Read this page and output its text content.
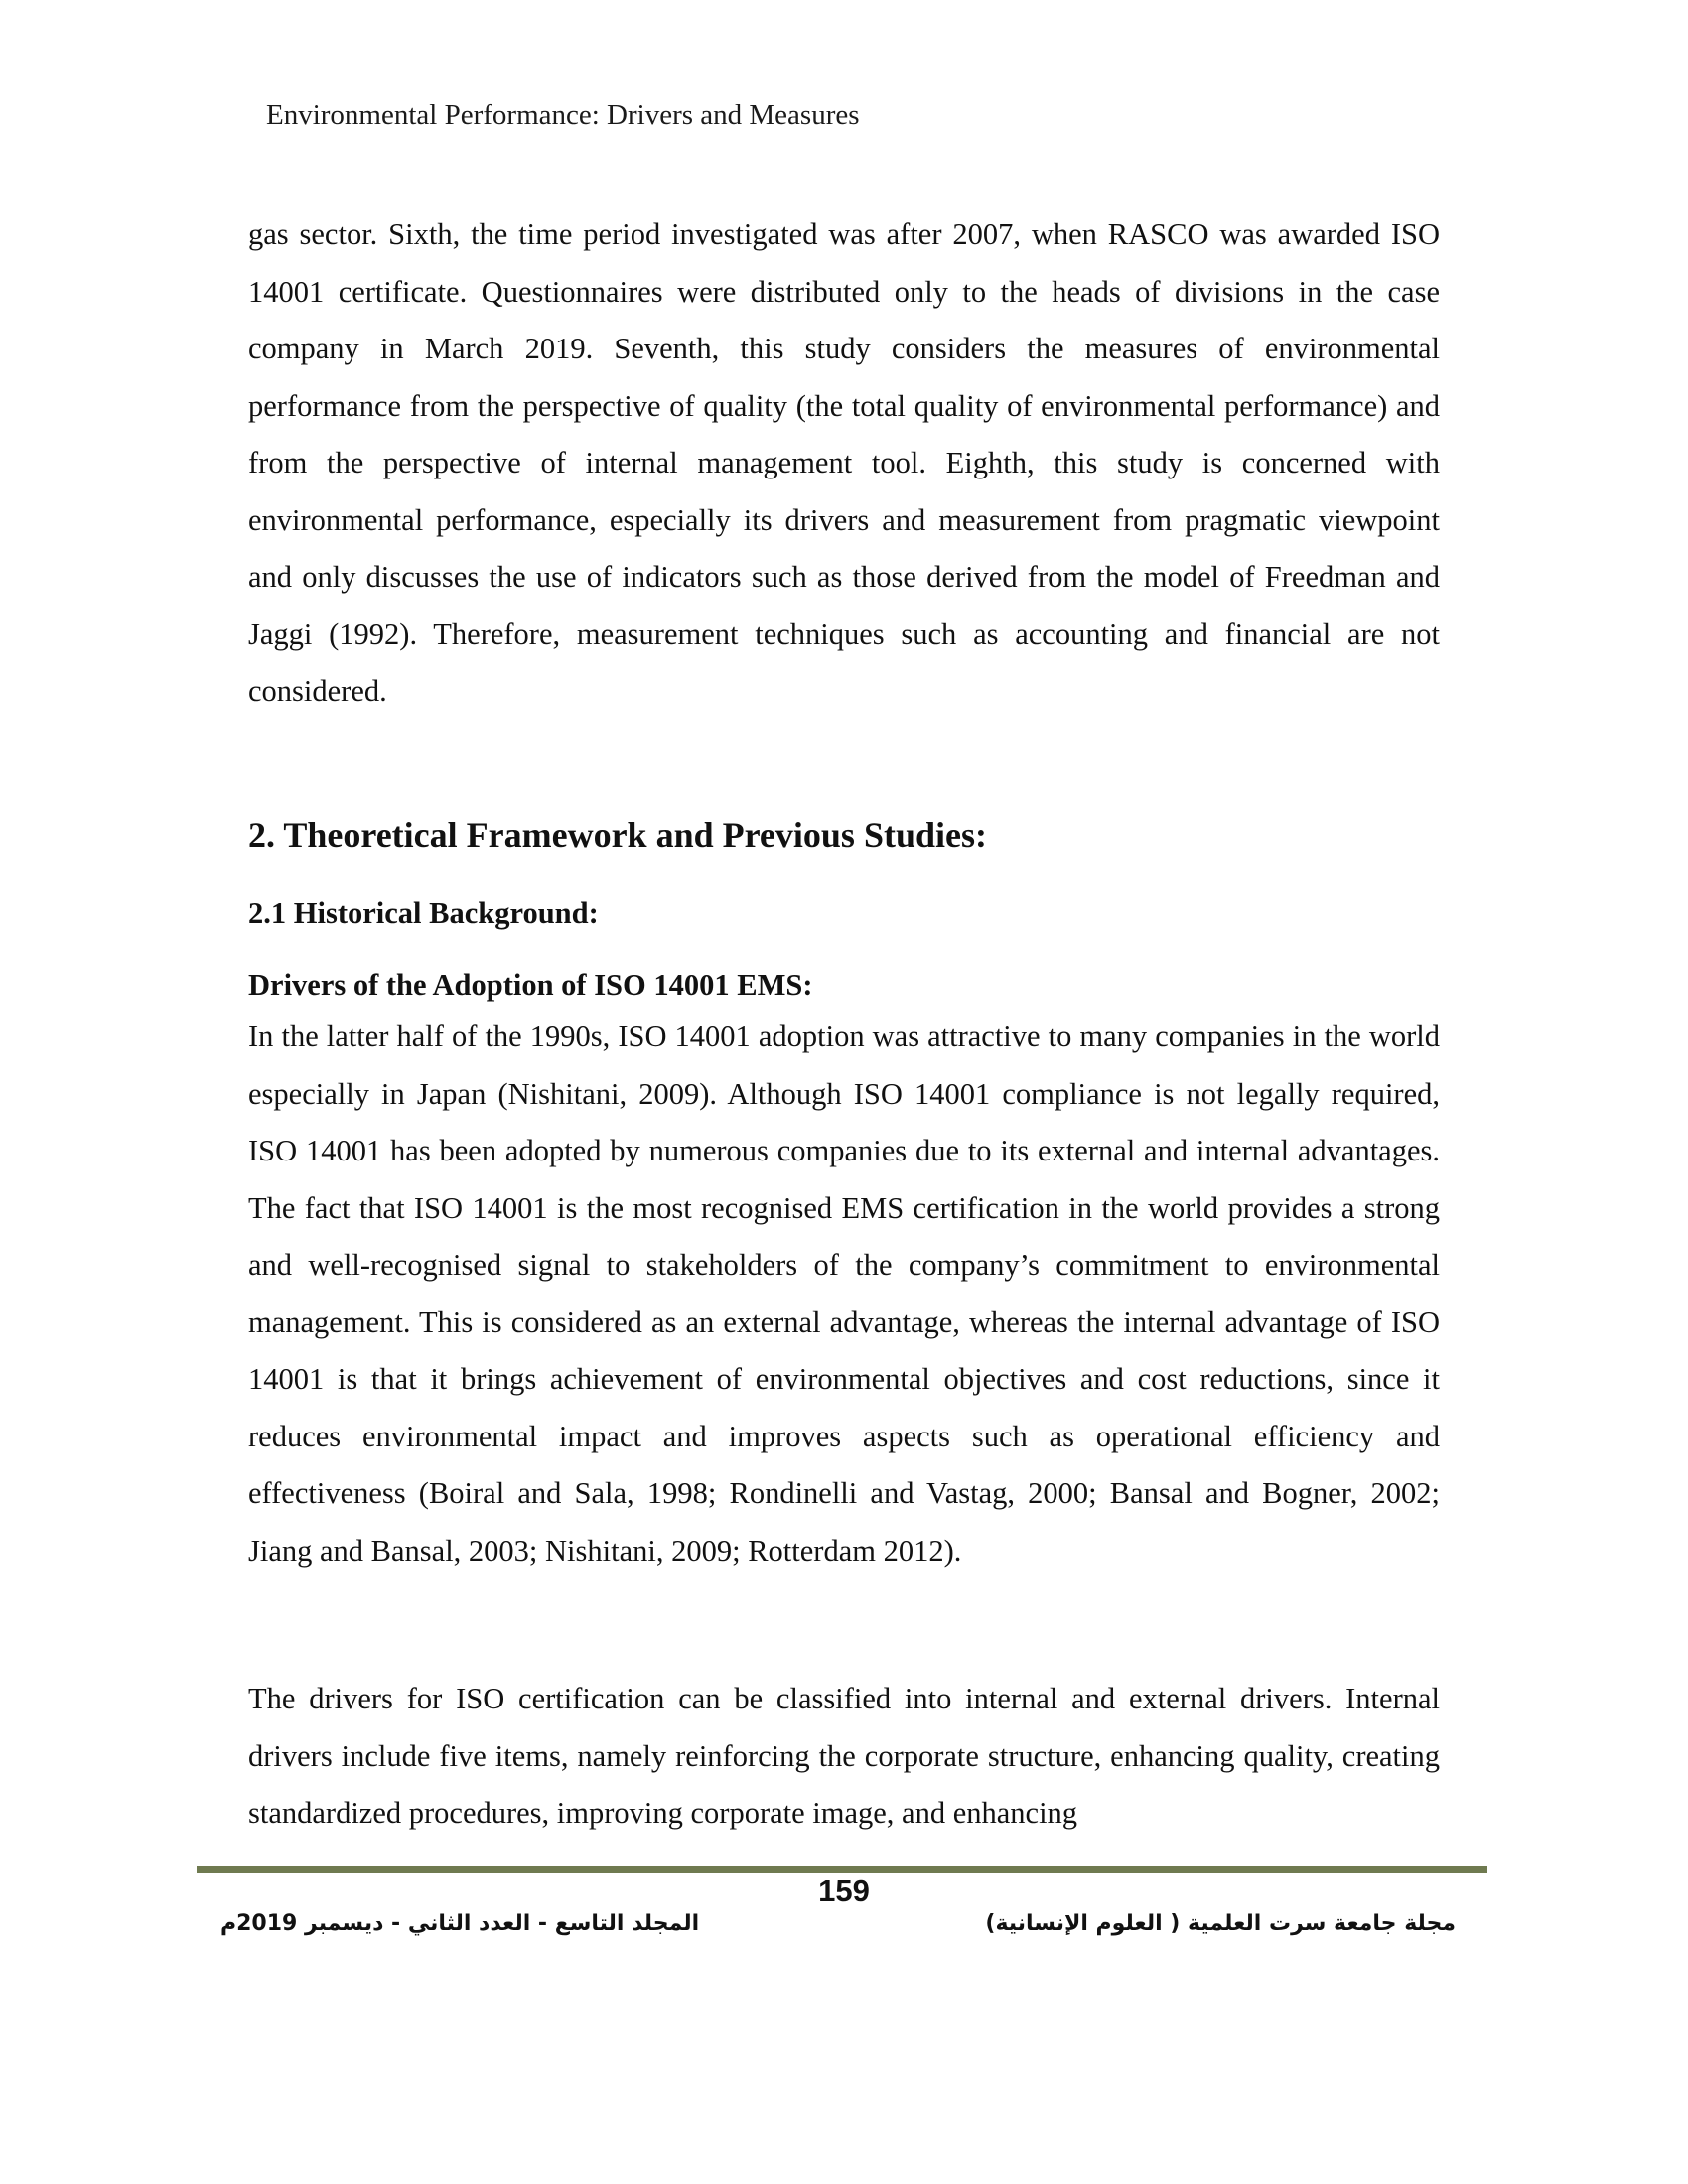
Environmental Performance: Drivers and Measures

gas sector. Sixth, the time period investigated was after 2007, when RASCO was awarded ISO 14001 certificate. Questionnaires were distributed only to the heads of divisions in the case company in March 2019. Seventh, this study considers the measures of environmental performance from the perspective of quality (the total quality of environmental performance) and from the perspective of internal management tool. Eighth, this study is concerned with environmental performance, especially its drivers and measurement from pragmatic viewpoint and only discusses the use of indicators such as those derived from the model of Freedman and Jaggi (1992). Therefore, measurement techniques such as accounting and financial are not considered.

2. Theoretical Framework and Previous Studies:
2.1 Historical Background:
Drivers of the Adoption of ISO 14001 EMS:

In the latter half of the 1990s, ISO 14001 adoption was attractive to many companies in the world especially in Japan (Nishitani, 2009). Although ISO 14001 compliance is not legally required, ISO 14001 has been adopted by numerous companies due to its external and internal advantages. The fact that ISO 14001 is the most recognised EMS certification in the world provides a strong and well-recognised signal to stakeholders of the company’s commitment to environmental management. This is considered as an external advantage, whereas the internal advantage of ISO 14001 is that it brings achievement of environmental objectives and cost reductions, since it reduces environmental impact and improves aspects such as operational efficiency and effectiveness (Boiral and Sala, 1998; Rondinelli and Vastag, 2000; Bansal and Bogner, 2002; Jiang and Bansal, 2003; Nishitani, 2009; Rotterdam 2012).

The drivers for ISO certification can be classified into internal and external drivers. Internal drivers include five items, namely reinforcing the corporate structure, enhancing quality, creating standardized procedures, improving corporate image, and enhancing

159
المجلد التاسع - العدد الثاني - ديسمبر 2019م	مجلة جامعة سرت العلمية ( العلوم الإنسانية)
